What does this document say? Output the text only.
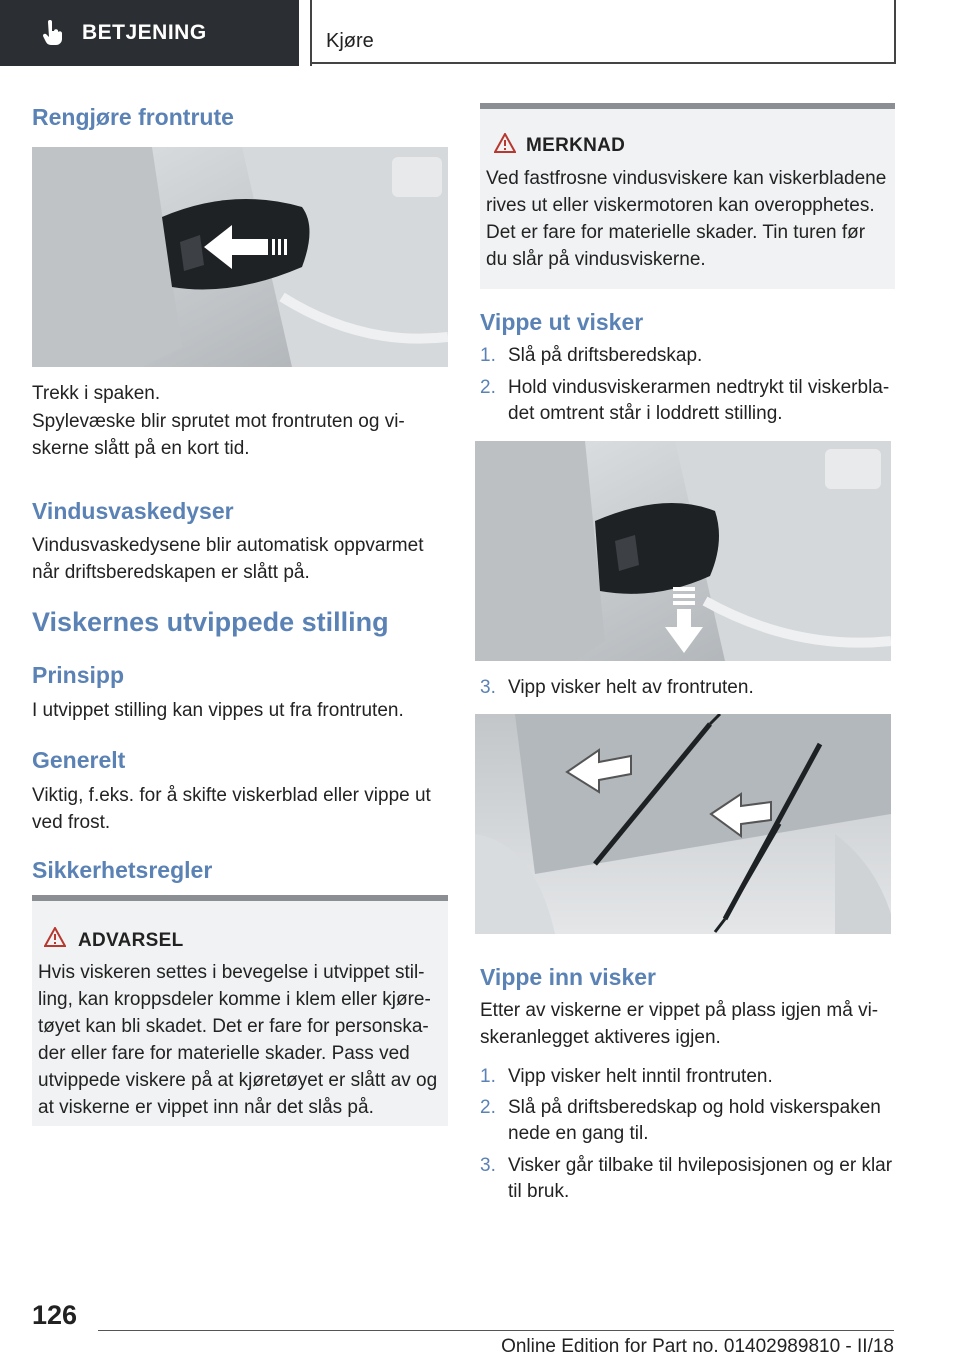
BETJENING	Kjøre
Rengjøre frontrute
Trekk i spaken.
Spylevæske blir sprutet mot frontruten og vi-
skerne slått på en kort tid.
Vindusvaskedyser
Vindusvaskedysene blir automatisk oppvarmet
når driftsberedskapen er slått på.
Viskernes utvippede stilling
Prinsipp
I utvippet stilling kan vippes ut fra frontruten.
Generelt
Viktig, f.eks. for å skifte viskerblad eller vippe ut
ved frost.
Sikkerhetsregler
ADVARSEL
Hvis viskeren settes i bevegelse i utvippet stil-
ling, kan kroppsdeler komme i klem eller kjøre-
tøyet kan bli skadet. Det er fare for personska-
der eller fare for materielle skader. Pass ved
utvippede viskere på at kjøretøyet er slått av og
at viskerne er vippet inn når det slås på.
MERKNAD
Ved fastfrosne vindusviskere kan viskerbladene
rives ut eller viskermotoren kan overopphetes.
Det er fare for materielle skader. Tin turen før
du slår på vindusviskerne.
Vippe ut visker
1. Slå på driftsberedskap.
2. Hold vindusviskerarmen nedtrykt til viskerbla-
det omtrent står i loddrett stilling.
3. Vipp visker helt av frontruten.
Vippe inn visker
Etter av viskerne er vippet på plass igjen må vi-
skeranlegget aktiveres igjen.
1. Vipp visker helt inntil frontruten.
2. Slå på driftsberedskap og hold viskerspaken
nede en gang til.
3. Visker går tilbake til hvileposisjonen og er klar
til bruk.
126
Online Edition for Part no. 01402989810 - II/18
